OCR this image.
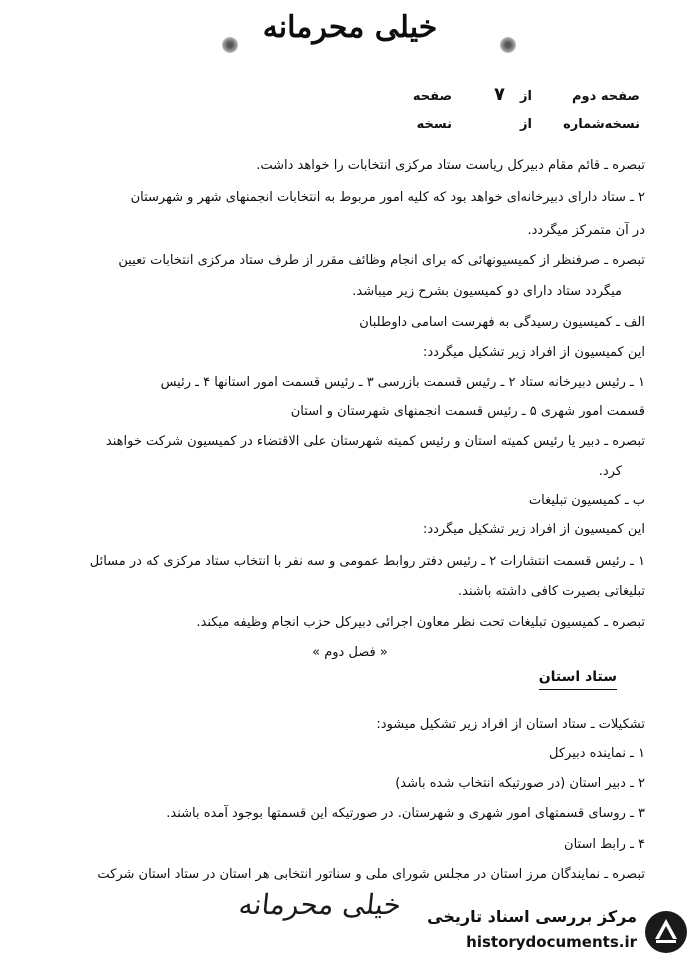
خیلی محرمانه
صفحه دوم
از
۷
صفحه
نسخه‌شماره
از
نسخه
تبصره ـ قائم مقام دبیرکل ریاست ستاد مرکزی انتخابات را خواهد داشت.
۲ ـ ستاد دارای دبیرخانه‌ای خواهد بود که کلیه امور مربوط به انتخابات انجمنهای شهر و شهرستان
در آن متمرکز میگردد.
تبصره ـ صرفنظر از کمیسیونهائی که برای انجام وظائف مقرر از طرف ستاد مرکزی انتخابات تعیین
میگردد ستاد دارای دو کمیسیون بشرح زیر میباشد.
الف ـ کمیسیون رسیدگی به فهرست اسامی داوطلبان
این کمیسیون از افراد زیر تشکیل میگردد:
۱ ـ رئیس دبیرخانه ستاد ۲ ـ رئیس قسمت بازرسی ۳ ـ رئیس قسمت امور استانها ۴ ـ رئیس
قسمت امور شهری ۵ ـ رئیس قسمت انجمنهای شهرستان و استان
تبصره ـ دبیر یا رئیس کمیته استان و رئیس کمیته شهرستان علی الاقتضاء در کمیسیون شرکت خواهند
کرد.
ب ـ کمیسیون تبلیغات
این کمیسیون از افراد زیر تشکیل میگردد:
۱ ـ رئیس قسمت انتشارات ۲ ـ رئیس دفتر روابط عمومی و سه نفر با انتخاب ستاد مرکزی که در مسائل
تبلیغاتی بصیرت کافی داشته باشند.
تبصره ـ کمیسیون تبلیغات تحت نظر معاون اجرائی دبیرکل حزب انجام وظیفه میکند.
« فصل دوم »
ستاد استان
تشکیلات ـ ستاد استان از افراد زیر تشکیل میشود:
۱ ـ نماینده دبیرکل
۲ ـ دبیر استان (در صورتیکه انتخاب شده باشد)
۳ ـ روسای قسمتهای امور شهری و شهرستان. در صورتیکه این قسمتها بوجود آمده باشند.
۴ ـ رابط استان
تبصره ـ نمایندگان مرز استان در مجلس شورای ملی و سناتور انتخابی هر استان در ستاد استان شرکت
خیلی محرمانه	مرکز بررسی اسناد تاریخی
historydocuments.ir
